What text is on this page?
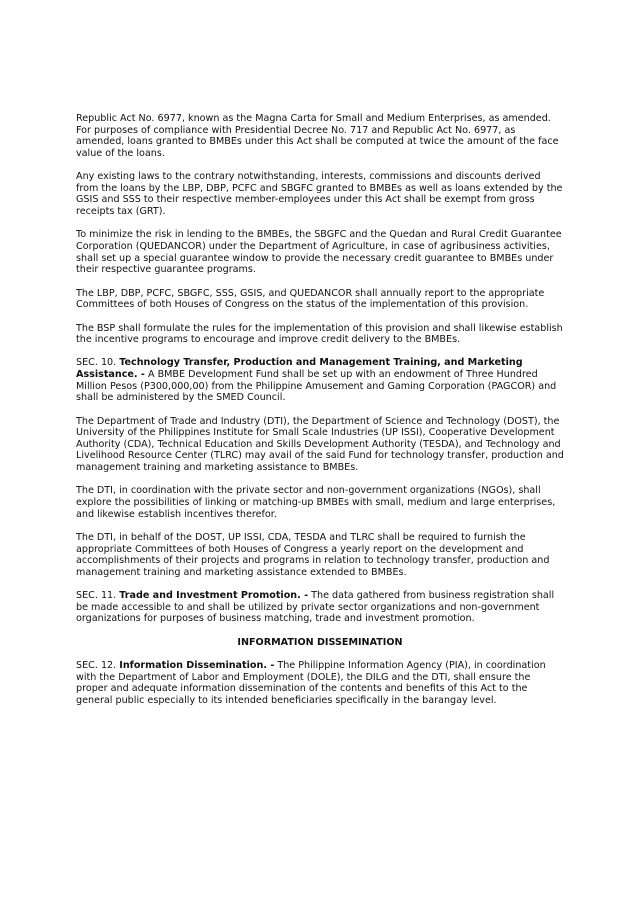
Republic Act No. 6977, known as the Magna Carta for Small and Medium Enterprises, as amended. For purposes of compliance with Presidential Decree No. 717 and Republic Act No. 6977, as amended, loans granted to BMBEs under this Act shall be computed at twice the amount of the face value of the loans.

Any existing laws to the contrary notwithstanding, interests, commissions and discounts derived from the loans by the LBP, DBP, PCFC and SBGFC granted to BMBEs as well as loans extended by the GSIS and SSS to their respective member-employees under this Act shall be exempt from gross receipts tax (GRT).

To minimize the risk in lending to the BMBEs, the SBGFC and the Quedan and Rural Credit Guarantee Corporation (QUEDANCOR) under the Department of Agriculture, in case of agribusiness activities, shall set up a special guarantee window to provide the necessary credit guarantee to BMBEs under their respective guarantee programs.

The LBP, DBP, PCFC, SBGFC, SSS, GSIS, and QUEDANCOR shall annually report to the appropriate Committees of both Houses of Congress on the status of the implementation of this provision.

The BSP shall formulate the rules for the implementation of this provision and shall likewise establish the incentive programs to encourage and improve credit delivery to the BMBEs.

SEC. 10. Technology Transfer, Production and Management Training, and Marketing Assistance. - A BMBE Development Fund shall be set up with an endowment of Three Hundred Million Pesos (P300,000,00) from the Philippine Amusement and Gaming Corporation (PAGCOR) and shall be administered by the SMED Council.

The Department of Trade and Industry (DTI), the Department of Science and Technology (DOST), the University of the Philippines Institute for Small Scale Industries (UP ISSI), Cooperative Development Authority (CDA), Technical Education and Skills Development Authority (TESDA), and Technology and Livelihood Resource Center (TLRC) may avail of the said Fund for technology transfer, production and management training and marketing assistance to BMBEs.

The DTI, in coordination with the private sector and non-government organizations (NGOs), shall explore the possibilities of linking or matching-up BMBEs with small, medium and large enterprises, and likewise establish incentives therefor.

The DTI, in behalf of the DOST, UP ISSI, CDA, TESDA and TLRC shall be required to furnish the appropriate Committees of both Houses of Congress a yearly report on the development and accomplishments of their projects and programs in relation to technology transfer, production and management training and marketing assistance extended to BMBEs.

SEC. 11. Trade and Investment Promotion. - The data gathered from business registration shall be made accessible to and shall be utilized by private sector organizations and non-government organizations for purposes of business matching, trade and investment promotion.

INFORMATION DISSEMINATION

SEC. 12. Information Dissemination. - The Philippine Information Agency (PIA), in coordination with the Department of Labor and Employment (DOLE), the DILG and the DTI, shall ensure the proper and adequate information dissemination of the contents and benefits of this Act to the general public especially to its intended beneficiaries specifically in the barangay level.
